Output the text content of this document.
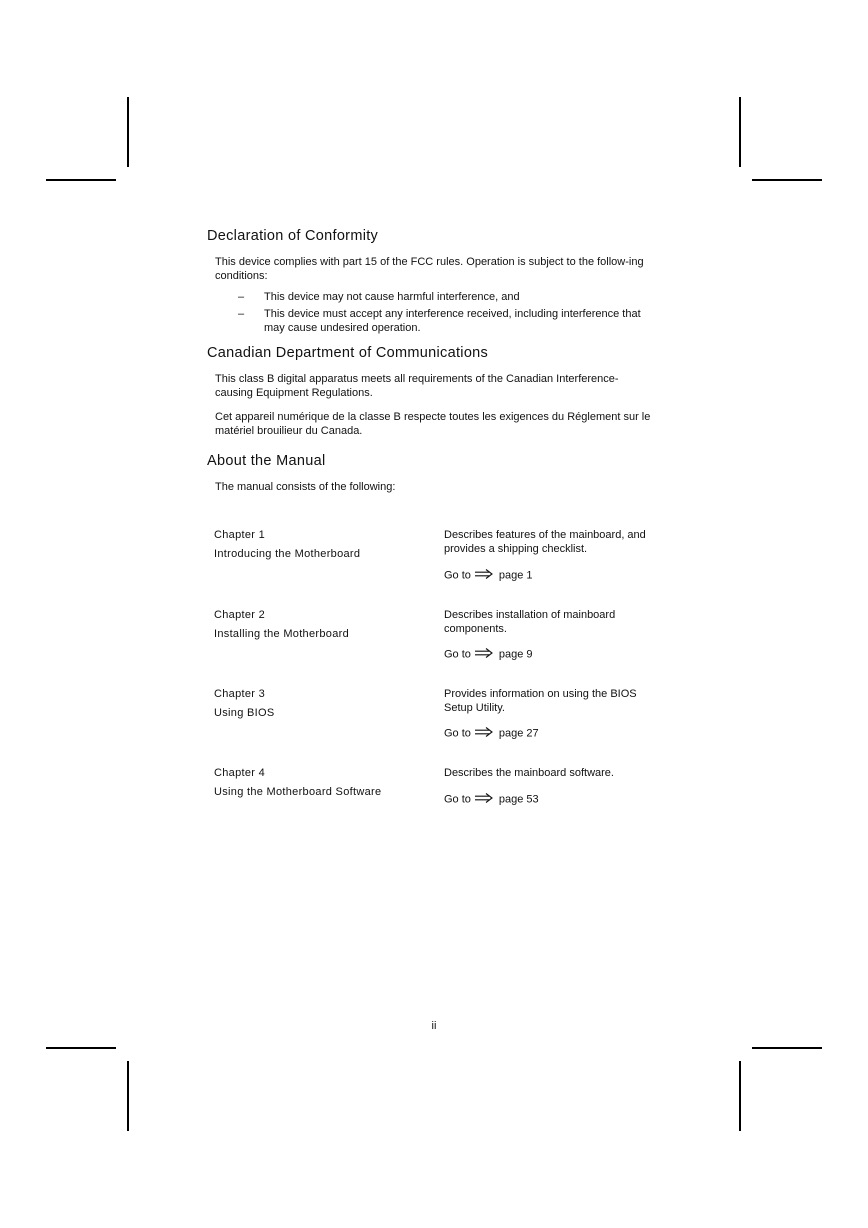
Declaration of Conformity

This device complies with part 15 of the FCC rules. Operation is subject to the follow-ing conditions:

–	This device may not cause harmful interference, and
–	This device must accept any interference received, including interference that may cause undesired operation.
Canadian Department of Communications

This class B digital apparatus meets all requirements of the Canadian Interference-causing Equipment Regulations.

Cet appareil numérique de la classe B respecte toutes les exigences du Réglement sur le matériel brouilieur du Canada.

About the Manual

The manual consists of the following:

Chapter 1
Introducing the Motherboard
Describes features of the mainboard, and provides a shipping checklist.
Go to	page 1
Chapter 2
Installing the Motherboard
Describes installation of mainboard components.
Go to	page 9
Chapter 3
Using BIOS
Provides information on using the BIOS Setup Utility.
Go to	page 27
Chapter 4
Using the Motherboard Software
Describes the mainboard software.
Go to	page 53
ii
